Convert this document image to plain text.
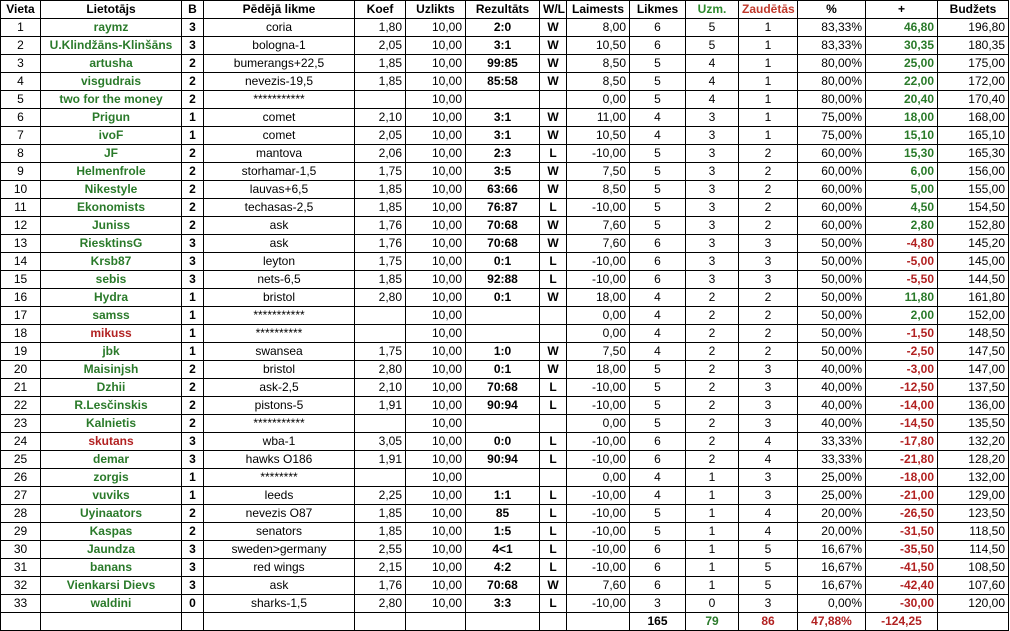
Vieta	Lietotājs	B	Pēdējā likme	Koef	Uzlikts	Rezultāts	W/L	Laimests	Likmes	Uzm.	Zaudētās	%	+	Budžets
1	raymz	3	coria	1,80	10,00	2:0	W	8,00	6	5	1	83,33%	46,80	196,80
2	U.Klindžāns-Klinšāns	3	bologna-1	2,05	10,00	3:1	W	10,50	6	5	1	83,33%	30,35	180,35
3	artusha	2	bumerangs+22,5	1,85	10,00	99:85	W	8,50	5	4	1	80,00%	25,00	175,00
4	visgudrais	2	nevezis-19,5	1,85	10,00	85:58	W	8,50	5	4	1	80,00%	22,00	172,00
5	two for the money	2	***********		10,00			0,00	5	4	1	80,00%	20,40	170,40
6	Prigun	1	comet	2,10	10,00	3:1	W	11,00	4	3	1	75,00%	18,00	168,00
7	ivoF	1	comet	2,05	10,00	3:1	W	10,50	4	3	1	75,00%	15,10	165,10
8	JF	2	mantova	2,06	10,00	2:3	L	-10,00	5	3	2	60,00%	15,30	165,30
9	Helmenfrole	2	storhamar-1,5	1,75	10,00	3:5	W	7,50	5	3	2	60,00%	6,00	156,00
10	Nikestyle	2	lauvas+6,5	1,85	10,00	63:66	W	8,50	5	3	2	60,00%	5,00	155,00
11	Ekonomists	2	techasas-2,5	1,85	10,00	76:87	L	-10,00	5	3	2	60,00%	4,50	154,50
12	Juniss	2	ask	1,76	10,00	70:68	W	7,60	5	3	2	60,00%	2,80	152,80
13	RiesktinsG	3	ask	1,76	10,00	70:68	W	7,60	6	3	3	50,00%	-4,80	145,20
14	Krsb87	3	leyton	1,75	10,00	0:1	L	-10,00	6	3	3	50,00%	-5,00	145,00
15	sebis	3	nets-6,5	1,85	10,00	92:88	L	-10,00	6	3	3	50,00%	-5,50	144,50
16	Hydra	1	bristol	2,80	10,00	0:1	W	18,00	4	2	2	50,00%	11,80	161,80
17	samss	1	***********		10,00			0,00	4	2	2	50,00%	2,00	152,00
18	mikuss	1	**********		10,00			0,00	4	2	2	50,00%	-1,50	148,50
19	jbk	1	swansea	1,75	10,00	1:0	W	7,50	4	2	2	50,00%	-2,50	147,50
20	Maisinjsh	2	bristol	2,80	10,00	0:1	W	18,00	5	2	3	40,00%	-3,00	147,00
21	Dzhii	2	ask-2,5	2,10	10,00	70:68	L	-10,00	5	2	3	40,00%	-12,50	137,50
22	R.Lesčinskis	2	pistons-5	1,91	10,00	90:94	L	-10,00	5	2	3	40,00%	-14,00	136,00
23	Kalnietis	2	***********		10,00			0,00	5	2	3	40,00%	-14,50	135,50
24	skutans	3	wba-1	3,05	10,00	0:0	L	-10,00	6	2	4	33,33%	-17,80	132,20
25	demar	3	hawks O186	1,91	10,00	90:94	L	-10,00	6	2	4	33,33%	-21,80	128,20
26	zorgis	1	********		10,00			0,00	4	1	3	25,00%	-18,00	132,00
27	vuviks	1	leeds	2,25	10,00	1:1	L	-10,00	4	1	3	25,00%	-21,00	129,00
28	Uyinaators	2	nevezis O87	1,85	10,00	85	L	-10,00	5	1	4	20,00%	-26,50	123,50
29	Kaspas	2	senators	1,85	10,00	1:5	L	-10,00	5	1	4	20,00%	-31,50	118,50
30	Jaundza	3	sweden>germany	2,55	10,00	4<1	L	-10,00	6	1	5	16,67%	-35,50	114,50
31	banans	3	red wings	2,15	10,00	4:2	L	-10,00	6	1	5	16,67%	-41,50	108,50
32	Vienkarsi Dievs	3	ask	1,76	10,00	70:68	W	7,60	6	1	5	16,67%	-42,40	107,60
33	waldini	0	sharks-1,5	2,80	10,00	3:3	L	-10,00	3	0	3	0,00%	-30,00	120,00
									165	79	86	47,88%	-124,25	
